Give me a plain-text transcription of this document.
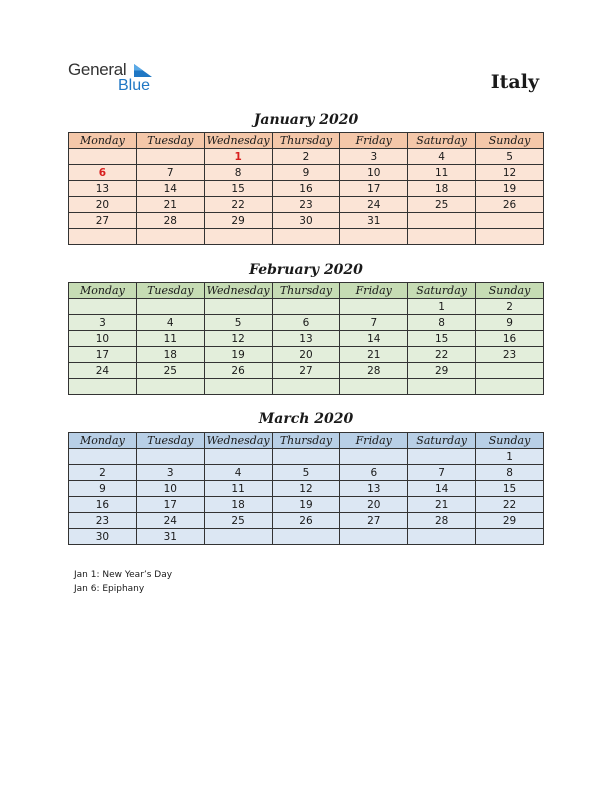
General
Blue	Italy
January 2020
Monday	Tuesday	Wednesday	Thursday	Friday	Saturday	Sunday
		1	2	3	4	5
6	7	8	9	10	11	12
13	14	15	16	17	18	19
20	21	22	23	24	25	26
27	28	29	30	31		

February 2020
Monday	Tuesday	Wednesday	Thursday	Friday	Saturday	Sunday
					1	2
3	4	5	6	7	8	9
10	11	12	13	14	15	16
17	18	19	20	21	22	23
24	25	26	27	28	29	

March 2020
Monday	Tuesday	Wednesday	Thursday	Friday	Saturday	Sunday
						1
2	3	4	5	6	7	8
9	10	11	12	13	14	15
16	17	18	19	20	21	22
23	24	25	26	27	28	29
30	31					
Jan 1: New Year’s Day
Jan 6: Epiphany
